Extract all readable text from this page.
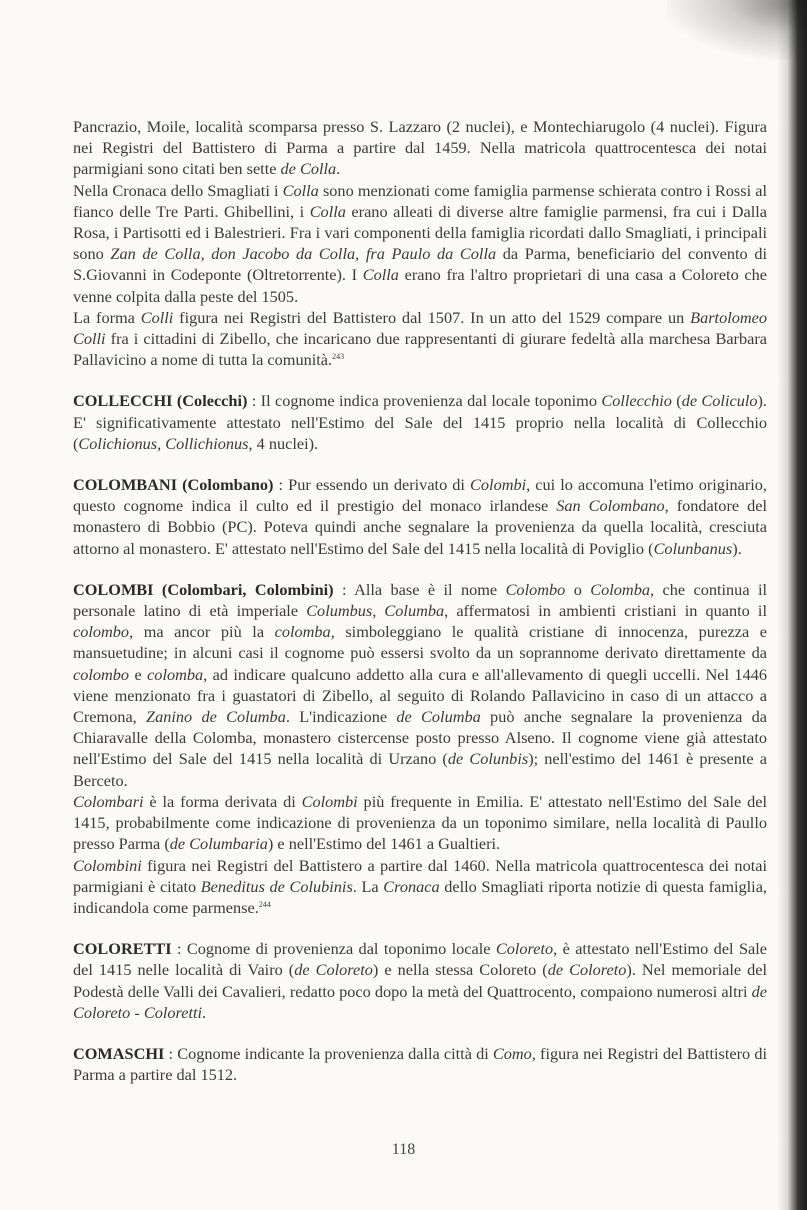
Pancrazio, Moile, località scomparsa presso S. Lazzaro (2 nuclei), e Montechiarugolo (4 nuclei). Figura nei Registri del Battistero di Parma a partire dal 1459. Nella matricola quattrocentesca dei notai parmigiani sono citati ben sette de Colla.

Nella Cronaca dello Smagliati i Colla sono menzionati come famiglia parmense schierata contro i Rossi al fianco delle Tre Parti. Ghibellini, i Colla erano alleati di diverse altre famiglie parmensi, fra cui i Dalla Rosa, i Partisotti ed i Balestrieri. Fra i vari componenti della famiglia ricordati dallo Smagliati, i principali sono Zan de Colla, don Jacobo da Colla, fra Paulo da Colla da Parma, beneficiario del convento di S.Giovanni in Codeponte (Oltretorrente). I Colla erano fra l'altro proprietari di una casa a Coloreto che venne colpita dalla peste del 1505.

La forma Colli figura nei Registri del Battistero dal 1507. In un atto del 1529 compare un Bartolomeo Colli fra i cittadini di Zibello, che incaricano due rappresentanti di giurare fedeltà alla marchesa Barbara Pallavicino a nome di tutta la comunità.$^{243}$

COLLECCHI (Colecchi) : Il cognome indica provenienza dal locale toponimo Collecchio (de Coliculo). E' significativamente attestato nell'Estimo del Sale del 1415 proprio nella località di Collecchio (Colichionus, Collichionus, 4 nuclei).

COLOMBANI (Colombano) : Pur essendo un derivato di Colombi, cui lo accomuna l'etimo originario, questo cognome indica il culto ed il prestigio del monaco irlandese San Colombano, fondatore del monastero di Bobbio (PC). Poteva quindi anche segnalare la provenienza da quella località, cresciuta attorno al monastero. E' attestato nell'Estimo del Sale del 1415 nella località di Poviglio (Colunbanus).

COLOMBI (Colombari, Colombini) : Alla base è il nome Colombo o Colomba, che continua il personale latino di età imperiale Columbus, Columba, affermatosi in ambienti cristiani in quanto il colombo, ma ancor più la colomba, simboleggiano le qualità cristiane di innocenza, purezza e mansuetudine; in alcuni casi il cognome può essersi svolto da un soprannome derivato direttamente da colombo e colomba, ad indicare qualcuno addetto alla cura e all'allevamento di quegli uccelli. Nel 1446 viene menzionato fra i guastatori di Zibello, al seguito di Rolando Pallavicino in caso di un attacco a Cremona, Zanino de Columba. L'indicazione de Columba può anche segnalare la provenienza da Chiaravalle della Colomba, monastero cistercense posto presso Alseno. Il cognome viene già attestato nell'Estimo del Sale del 1415 nella località di Urzano (de Colunbis); nell'estimo del 1461 è presente a Berceto.

Colombari è la forma derivata di Colombi più frequente in Emilia. E' attestato nell'Estimo del Sale del 1415, probabilmente come indicazione di provenienza da un toponimo similare, nella località di Paullo presso Parma (de Columbaria) e nell'Estimo del 1461 a Gualtieri.

Colombini figura nei Registri del Battistero a partire dal 1460. Nella matricola quattrocentesca dei notai parmigiani è citato Beneditus de Colubinis. La Cronaca dello Smagliati riporta notizie di questa famiglia, indicandola come parmense.$^{244}$

COLORETTI : Cognome di provenienza dal toponimo locale Coloreto, è attestato nell'Estimo del Sale del 1415 nelle località di Vairo (de Coloreto) e nella stessa Coloreto (de Coloreto). Nel memoriale del Podestà delle Valli dei Cavalieri, redatto poco dopo la metà del Quattrocento, compaiono numerosi altri de Coloreto - Coloretti.

COMASCHI : Cognome indicante la provenienza dalla città di Como, figura nei Registri del Battistero di Parma a partire dal 1512.

118
